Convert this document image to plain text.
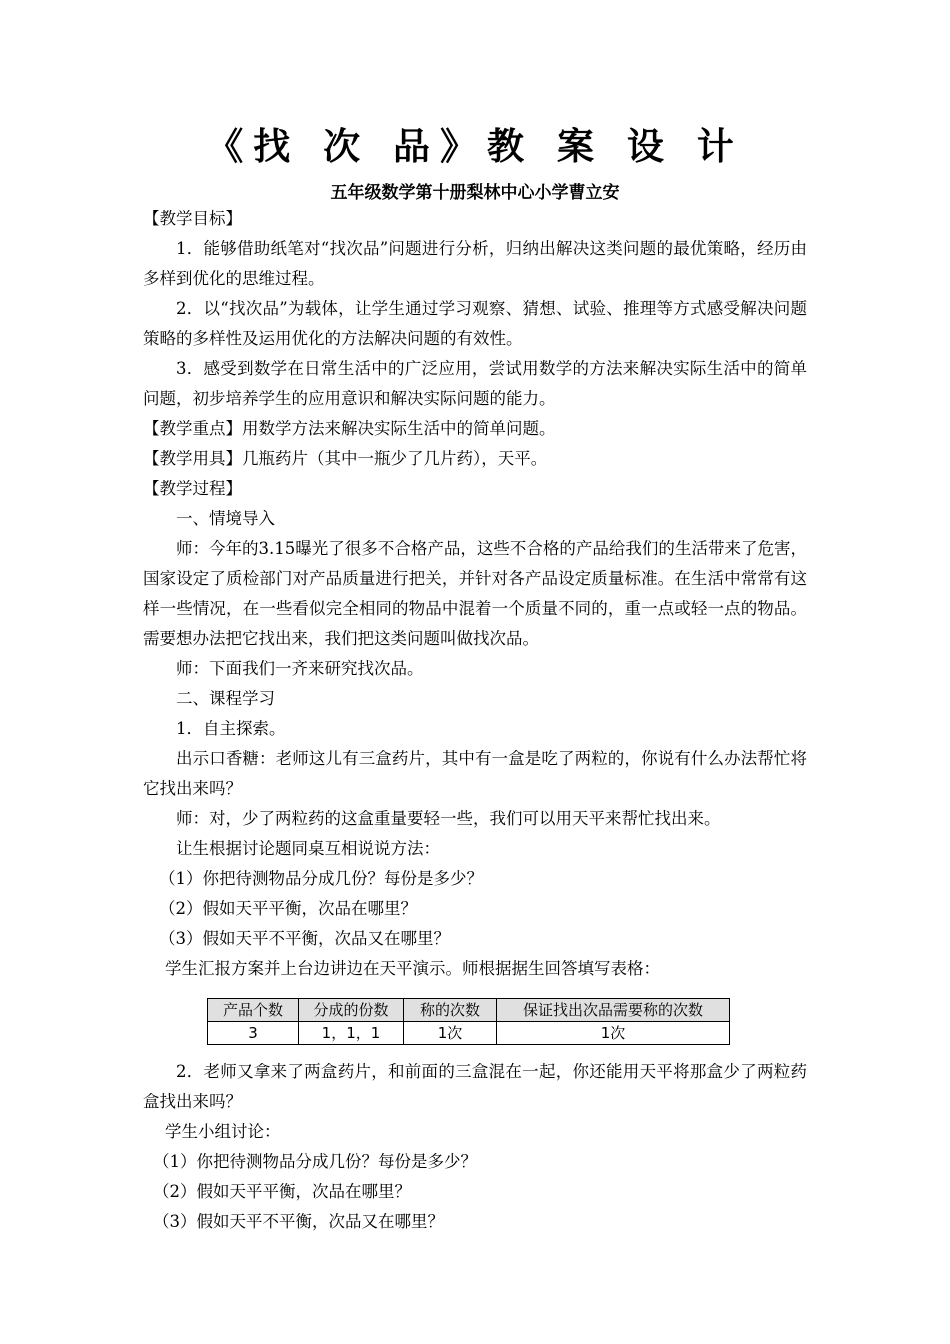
《找 次 品》教 案 设 计
五年级数学第十册梨林中心小学曹立安

【教学目标】

1．能够借助纸笔对“找次品”问题进行分析，归纳出解决这类问题的最优策略，经历由多样到优化的思维过程。

2．以“找次品”为载体，让学生通过学习观察、猜想、试验、推理等方式感受解决问题策略的多样性及运用优化的方法解决问题的有效性。

3．感受到数学在日常生活中的广泛应用，尝试用数学的方法来解决实际生活中的简单问题，初步培养学生的应用意识和解决实际问题的能力。

【教学重点】用数学方法来解决实际生活中的简单问题。

【教学用具】几瓶药片（其中一瓶少了几片药），天平。

【教学过程】

一、情境导入

师：今年的3.15曝光了很多不合格产品，这些不合格的产品给我们的生活带来了危害，国家设定了质检部门对产品质量进行把关，并针对各产品设定质量标准。在生活中常常有这样一些情况，在一些看似完全相同的物品中混着一个质量不同的，重一点或轻一点的物品。需要想办法把它找出来，我们把这类问题叫做找次品。

师：下面我们一齐来研究找次品。

二、课程学习

1．自主探索。

出示口香糖：老师这儿有三盒药片，其中有一盒是吃了两粒的，你说有什么办法帮忙将它找出来吗？

师：对，少了两粒药的这盒重量要轻一些，我们可以用天平来帮忙找出来。

让生根据讨论题同桌互相说说方法：

（1）你把待测物品分成几份？每份是多少？

（2）假如天平平衡，次品在哪里？

（3）假如天平不平衡，次品又在哪里？

学生汇报方案并上台边讲边在天平演示。师根据据生回答填写表格：

产品个数	分成的份数	称的次数	保证找出次品需要称的次数
3	1，1，1	1次	1次

2．老师又拿来了两盒药片，和前面的三盒混在一起，你还能用天平将那盒少了两粒药盒找出来吗？

学生小组讨论：

（1）你把待测物品分成几份？每份是多少？

（2）假如天平平衡，次品在哪里？

（3）假如天平不平衡，次品又在哪里？
